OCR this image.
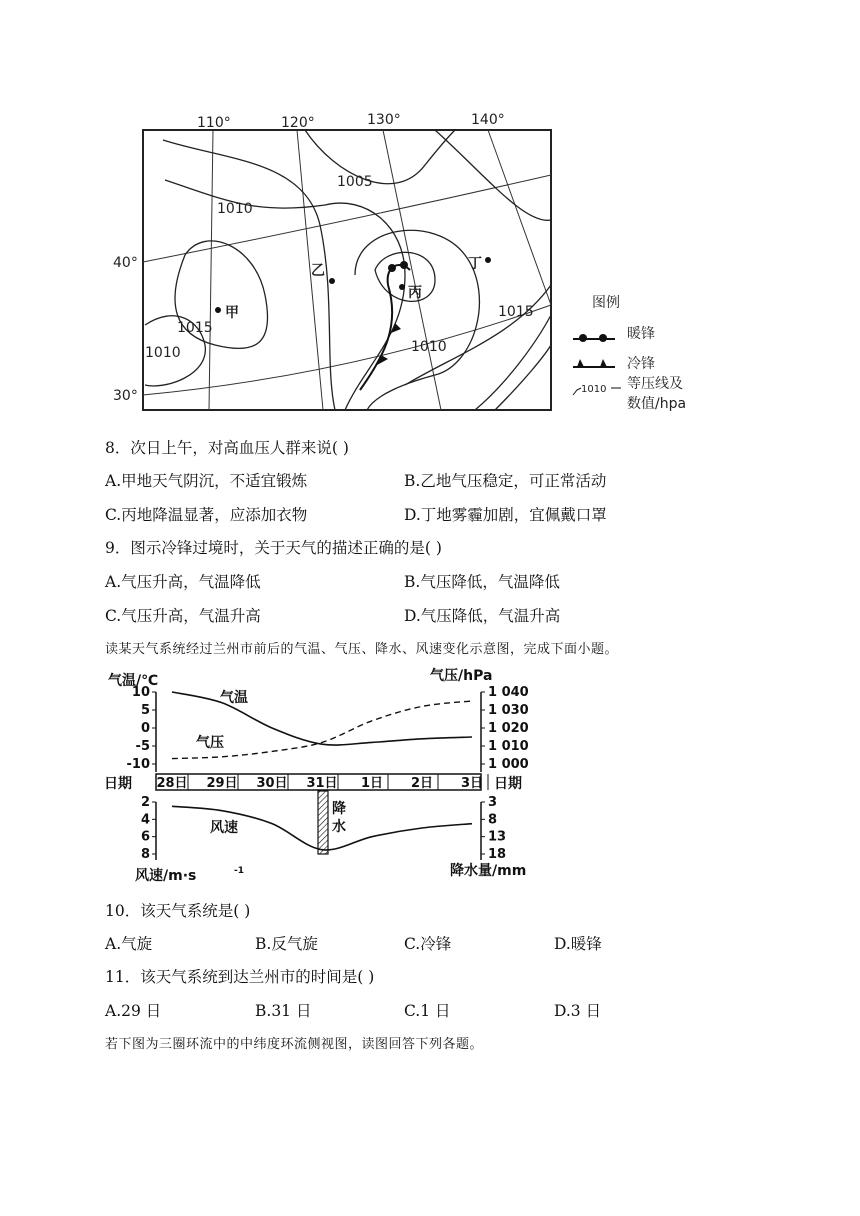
110°	120°	130°	140°
40°
30°
1005
1010
1015
1015
1010
1010
甲
乙
丙
丁
图例
暖锋
冷锋
1010 等压线及
数值/hpa
8．次日上午，对高血压人群来说( )
A.甲地天气阴沉，不适宜锻炼	B.乙地气压稳定，可正常活动
C.丙地降温显著，应添加衣物	D.丁地雾霾加剧，宜佩戴口罩
9．图示冷锋过境时，关于天气的描述正确的是( )
A.气压升高，气温降低	B.气压降低，气温降低
C.气压升高，气温升高	D.气压降低，气温升高
读某天气系统经过兰州市前后的气温、气压、降水、风速变化示意图，完成下面小题。
气温/℃	气压/hPa
日期	日期
风速/m·s	-1	降水量/mm
10
5
0
-5
-10
1 040
1 030
1 020
1 010
1 000
2
4
6
8
3
8
13
18
28日 29日 30日 31日 1日 2日 3日
气温
气压
风速
降
水
10．该天气系统是( )
A.气旋	B.反气旋	C.冷锋	D.暖锋
11．该天气系统到达兰州市的时间是( )
A.29 日	B.31 日	C.1 日	D.3 日
若下图为三圈环流中的中纬度环流侧视图，读图回答下列各题。
